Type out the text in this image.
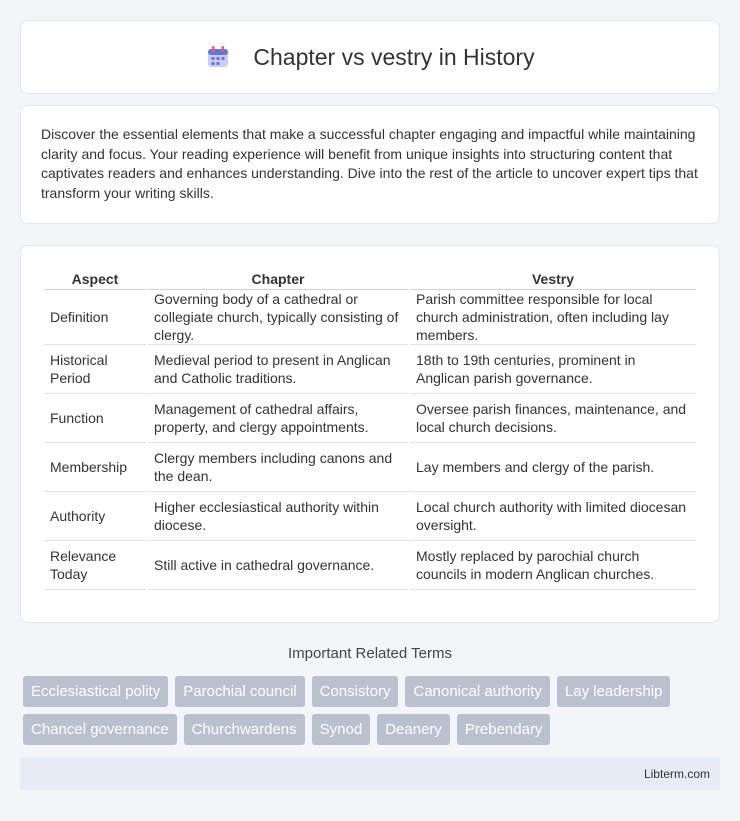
Chapter vs vestry in History

Discover the essential elements that make a successful chapter engaging and impactful while maintaining clarity and focus. Your reading experience will benefit from unique insights into structuring content that captivates readers and enhances understanding. Dive into the rest of the article to uncover expert tips that transform your writing skills.

Aspect	Chapter	Vestry
Definition	Governing body of a cathedral or collegiate church, typically consisting of clergy.	Parish committee responsible for local church administration, often including lay members.
Historical Period	Medieval period to present in Anglican and Catholic traditions.	18th to 19th centuries, prominent in Anglican parish governance.
Function	Management of cathedral affairs, property, and clergy appointments.	Oversee parish finances, maintenance, and local church decisions.
Membership	Clergy members including canons and the dean.	Lay members and clergy of the parish.
Authority	Higher ecclesiastical authority within diocese.	Local church authority with limited diocesan oversight.
Relevance Today	Still active in cathedral governance.	Mostly replaced by parochial church councils in modern Anglican churches.
Important Related Terms
Ecclesiastical polity	Parochial council	Consistory	Canonical authority	Lay leadership
Chancel governance	Churchwardens	Synod	Deanery	Prebendary
Libterm.com
